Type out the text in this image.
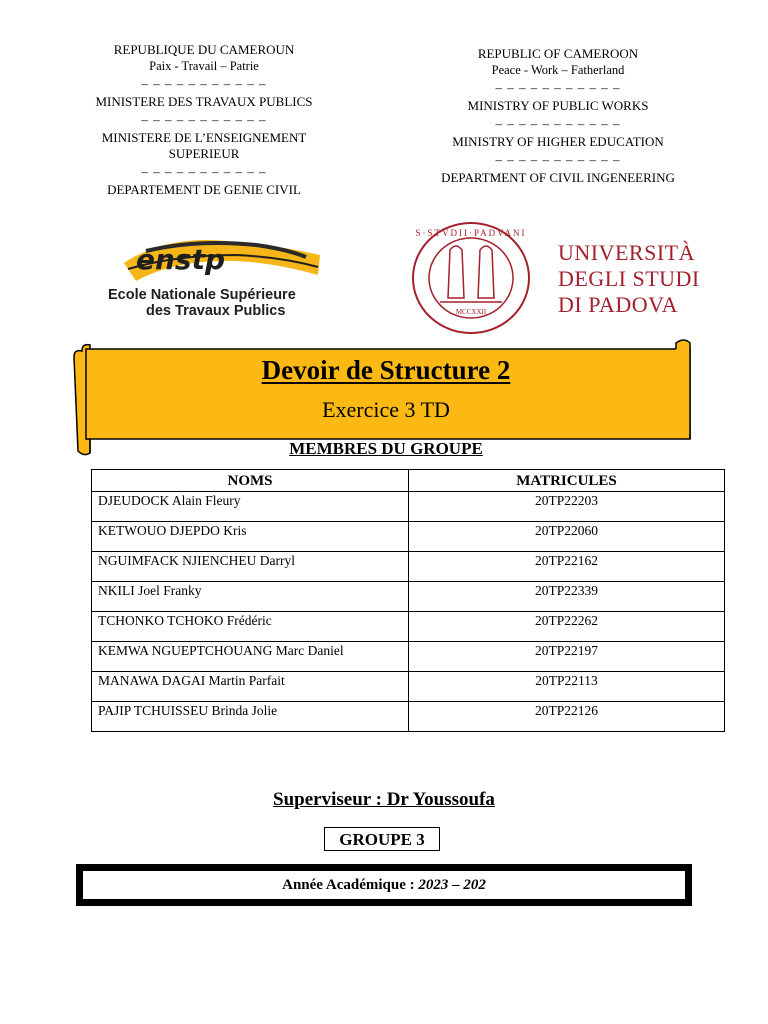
REPUBLIQUE DU CAMEROUN
Paix - Travail – Patrie
– – – – – – – – – – –
MINISTERE DES TRAVAUX PUBLICS
– – – – – – – – – – –
MINISTERE DE L’ENSEIGNEMENT
SUPERIEUR
– – – – – – – – – – –
DEPARTEMENT DE GENIE CIVIL
REPUBLIC OF CAMEROON
Peace - Work – Fatherland
– – – – – – – – – – –
MINISTRY OF PUBLIC WORKS
– – – – – – – – – – –
MINISTRY OF HIGHER EDUCATION
– – – – – – – – – – –
DEPARTMENT OF CIVIL INGENEERING
enstp
Ecole Nationale Supérieure
des Travaux Publics	MCCXXII
S·STVDII·PADVANI
UNIVERSITÀ
DEGLI STUDI
DI PADOVA
Devoir de Structure 2
Exercice 3 TD
MEMBRES DU GROUPE
NOMS	MATRICULES
DJEUDOCK Alain Fleury	20TP22203
KETWOUO DJEPDO Kris	20TP22060
NGUIMFACK NJIENCHEU Darryl	20TP22162
NKILI Joel Franky	20TP22339
TCHONKO TCHOKO Frédéric	20TP22262
KEMWA NGUEPTCHOUANG Marc Daniel	20TP22197
MANAWA DAGAI Martin Parfait	20TP22113
PAJIP TCHUISSEU Brinda Jolie	20TP22126
Superviseur : Dr Youssoufa
GROUPE 3
Année Académique : 2023 – 202
